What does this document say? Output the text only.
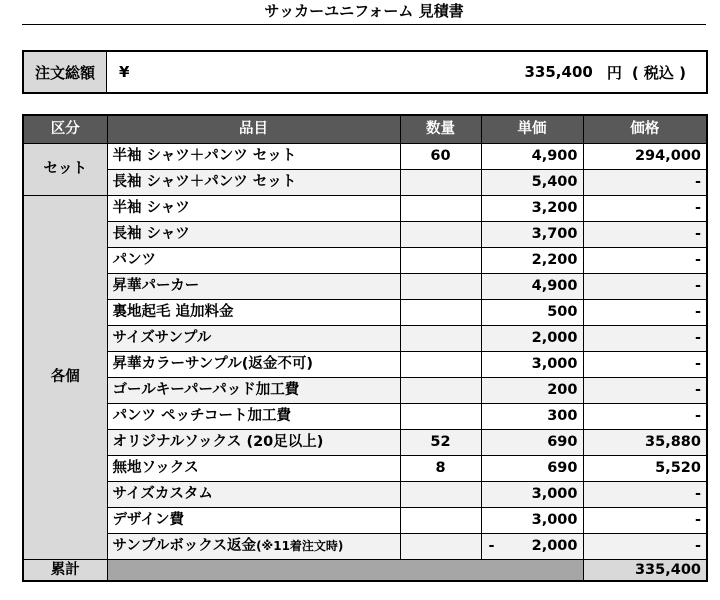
サッカーユニフォーム 見積書
注文総額	¥	335,400 円 ( 税込 )
区分	品目	数量	単価	価格
セット	半袖 シャツ＋パンツ セット	60	4,900	294,000
	長袖 シャツ＋パンツ セット		5,400	-
各個	半袖 シャツ		3,200	-
	長袖 シャツ		3,700	-
	パンツ		2,200	-
	昇華パーカー		4,900	-
	裏地起毛 追加料金		500	-
	サイズサンプル		2,000	-
	昇華カラーサンプル(返金不可)		3,000	-
	ゴールキーパーパッド加工費		200	-
	パンツ ペッチコート加工費		300	-
	オリジナルソックス (20足以上)	52	690	35,880
	無地ソックス	8	690	5,520
	サイズカスタム		3,000	-
	デザイン費		3,000	-
	サンプルボックス返金(※11着注文時)		- 2,000	-
累計				335,400
